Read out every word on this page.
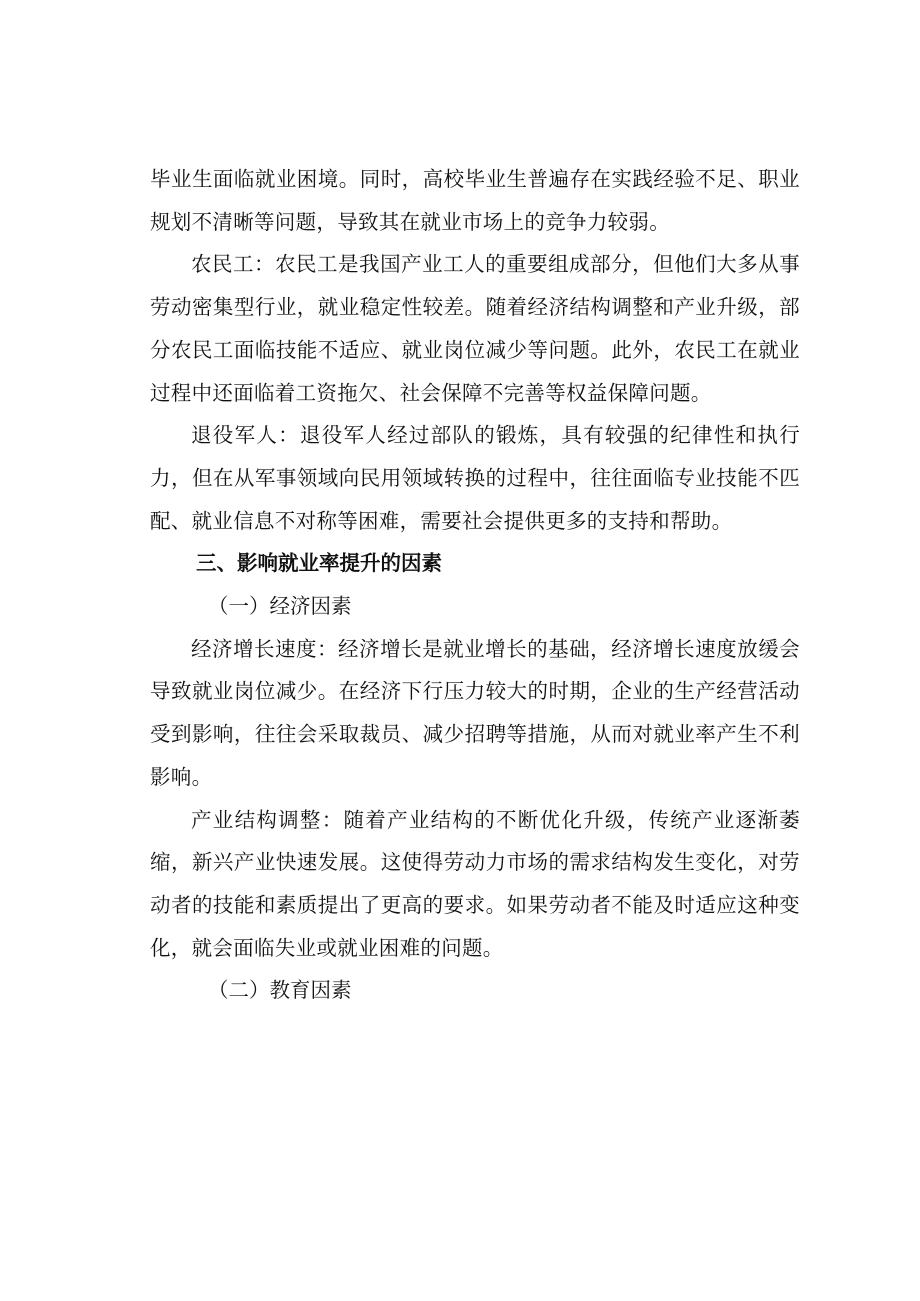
毕业生面临就业困境。同时，高校毕业生普遍存在实践经验不足、职业规划不清晰等问题，导致其在就业市场上的竞争力较弱。

农民工：农民工是我国产业工人的重要组成部分，但他们大多从事劳动密集型行业，就业稳定性较差。随着经济结构调整和产业升级，部分农民工面临技能不适应、就业岗位减少等问题。此外，农民工在就业过程中还面临着工资拖欠、社会保障不完善等权益保障问题。

退役军人：退役军人经过部队的锻炼，具有较强的纪律性和执行力，但在从军事领域向民用领域转换的过程中，往往面临专业技能不匹配、就业信息不对称等困难，需要社会提供更多的支持和帮助。

三、影响就业率提升的因素

（一）经济因素

经济增长速度：经济增长是就业增长的基础，经济增长速度放缓会导致就业岗位减少。在经济下行压力较大的时期，企业的生产经营活动受到影响，往往会采取裁员、减少招聘等措施，从而对就业率产生不利影响。

产业结构调整：随着产业结构的不断优化升级，传统产业逐渐萎缩，新兴产业快速发展。这使得劳动力市场的需求结构发生变化，对劳动者的技能和素质提出了更高的要求。如果劳动者不能及时适应这种变化，就会面临失业或就业困难的问题。

（二）教育因素
